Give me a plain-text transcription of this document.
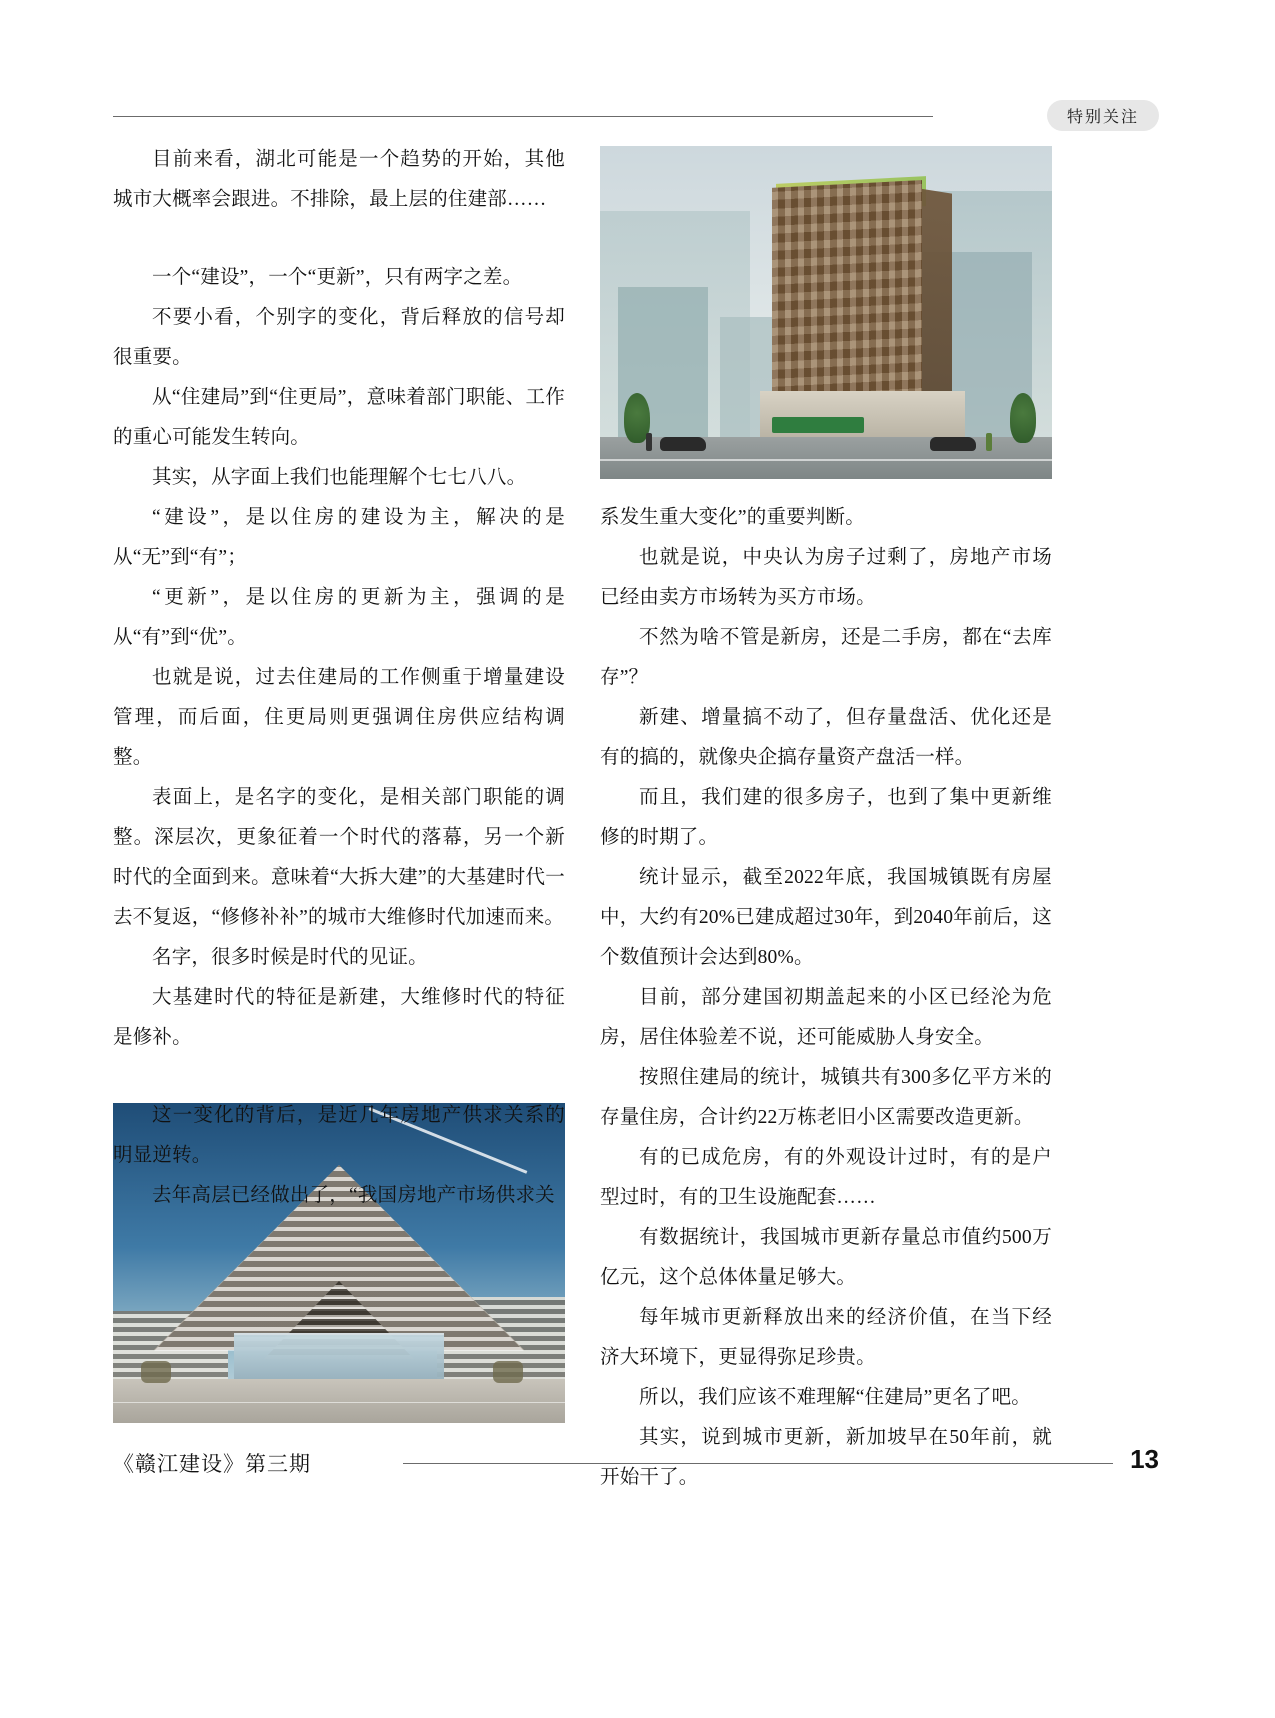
特别关注

目前来看，湖北可能是一个趋势的开始，其他城市大概率会跟进。不排除，最上层的住建部……

一个“建设”，一个“更新”，只有两字之差。

不要小看，个别字的变化，背后释放的信号却很重要。

从“住建局”到“住更局”，意味着部门职能、工作的重心可能发生转向。

其实，从字面上我们也能理解个七七八八。

“建设”，是以住房的建设为主，解决的是从“无”到“有”；

“更新”，是以住房的更新为主，强调的是从“有”到“优”。

也就是说，过去住建局的工作侧重于增量建设管理，而后面，住更局则更强调住房供应结构调整。

表面上，是名字的变化，是相关部门职能的调整。深层次，更象征着一个时代的落幕，另一个新时代的全面到来。意味着“大拆大建”的大基建时代一去不复返，“修修补补”的城市大维修时代加速而来。

名字，很多时候是时代的见证。

大基建时代的特征是新建，大维修时代的特征是修补。

这一变化的背后，是近几年房地产供求关系的明显逆转。

去年高层已经做出了，“我国房地产市场供求关

系发生重大变化”的重要判断。

也就是说，中央认为房子过剩了，房地产市场已经由卖方市场转为买方市场。

不然为啥不管是新房，还是二手房，都在“去库存”？

新建、增量搞不动了，但存量盘活、优化还是有的搞的，就像央企搞存量资产盘活一样。

而且，我们建的很多房子，也到了集中更新维修的时期了。

统计显示，截至2022年底，我国城镇既有房屋中，大约有20%已建成超过30年，到2040年前后，这个数值预计会达到80%。

目前，部分建国初期盖起来的小区已经沦为危房，居住体验差不说，还可能威胁人身安全。

按照住建局的统计，城镇共有300多亿平方米的存量住房，合计约22万栋老旧小区需要改造更新。

有的已成危房，有的外观设计过时，有的是户型过时，有的卫生设施配套……

有数据统计，我国城市更新存量总市值约500万亿元，这个总体体量足够大。

每年城市更新释放出来的经济价值，在当下经济大环境下，更显得弥足珍贵。

所以，我们应该不难理解“住建局”更名了吧。

其实，说到城市更新，新加坡早在50年前，就开始干了。

《赣江建设》第三期	13
